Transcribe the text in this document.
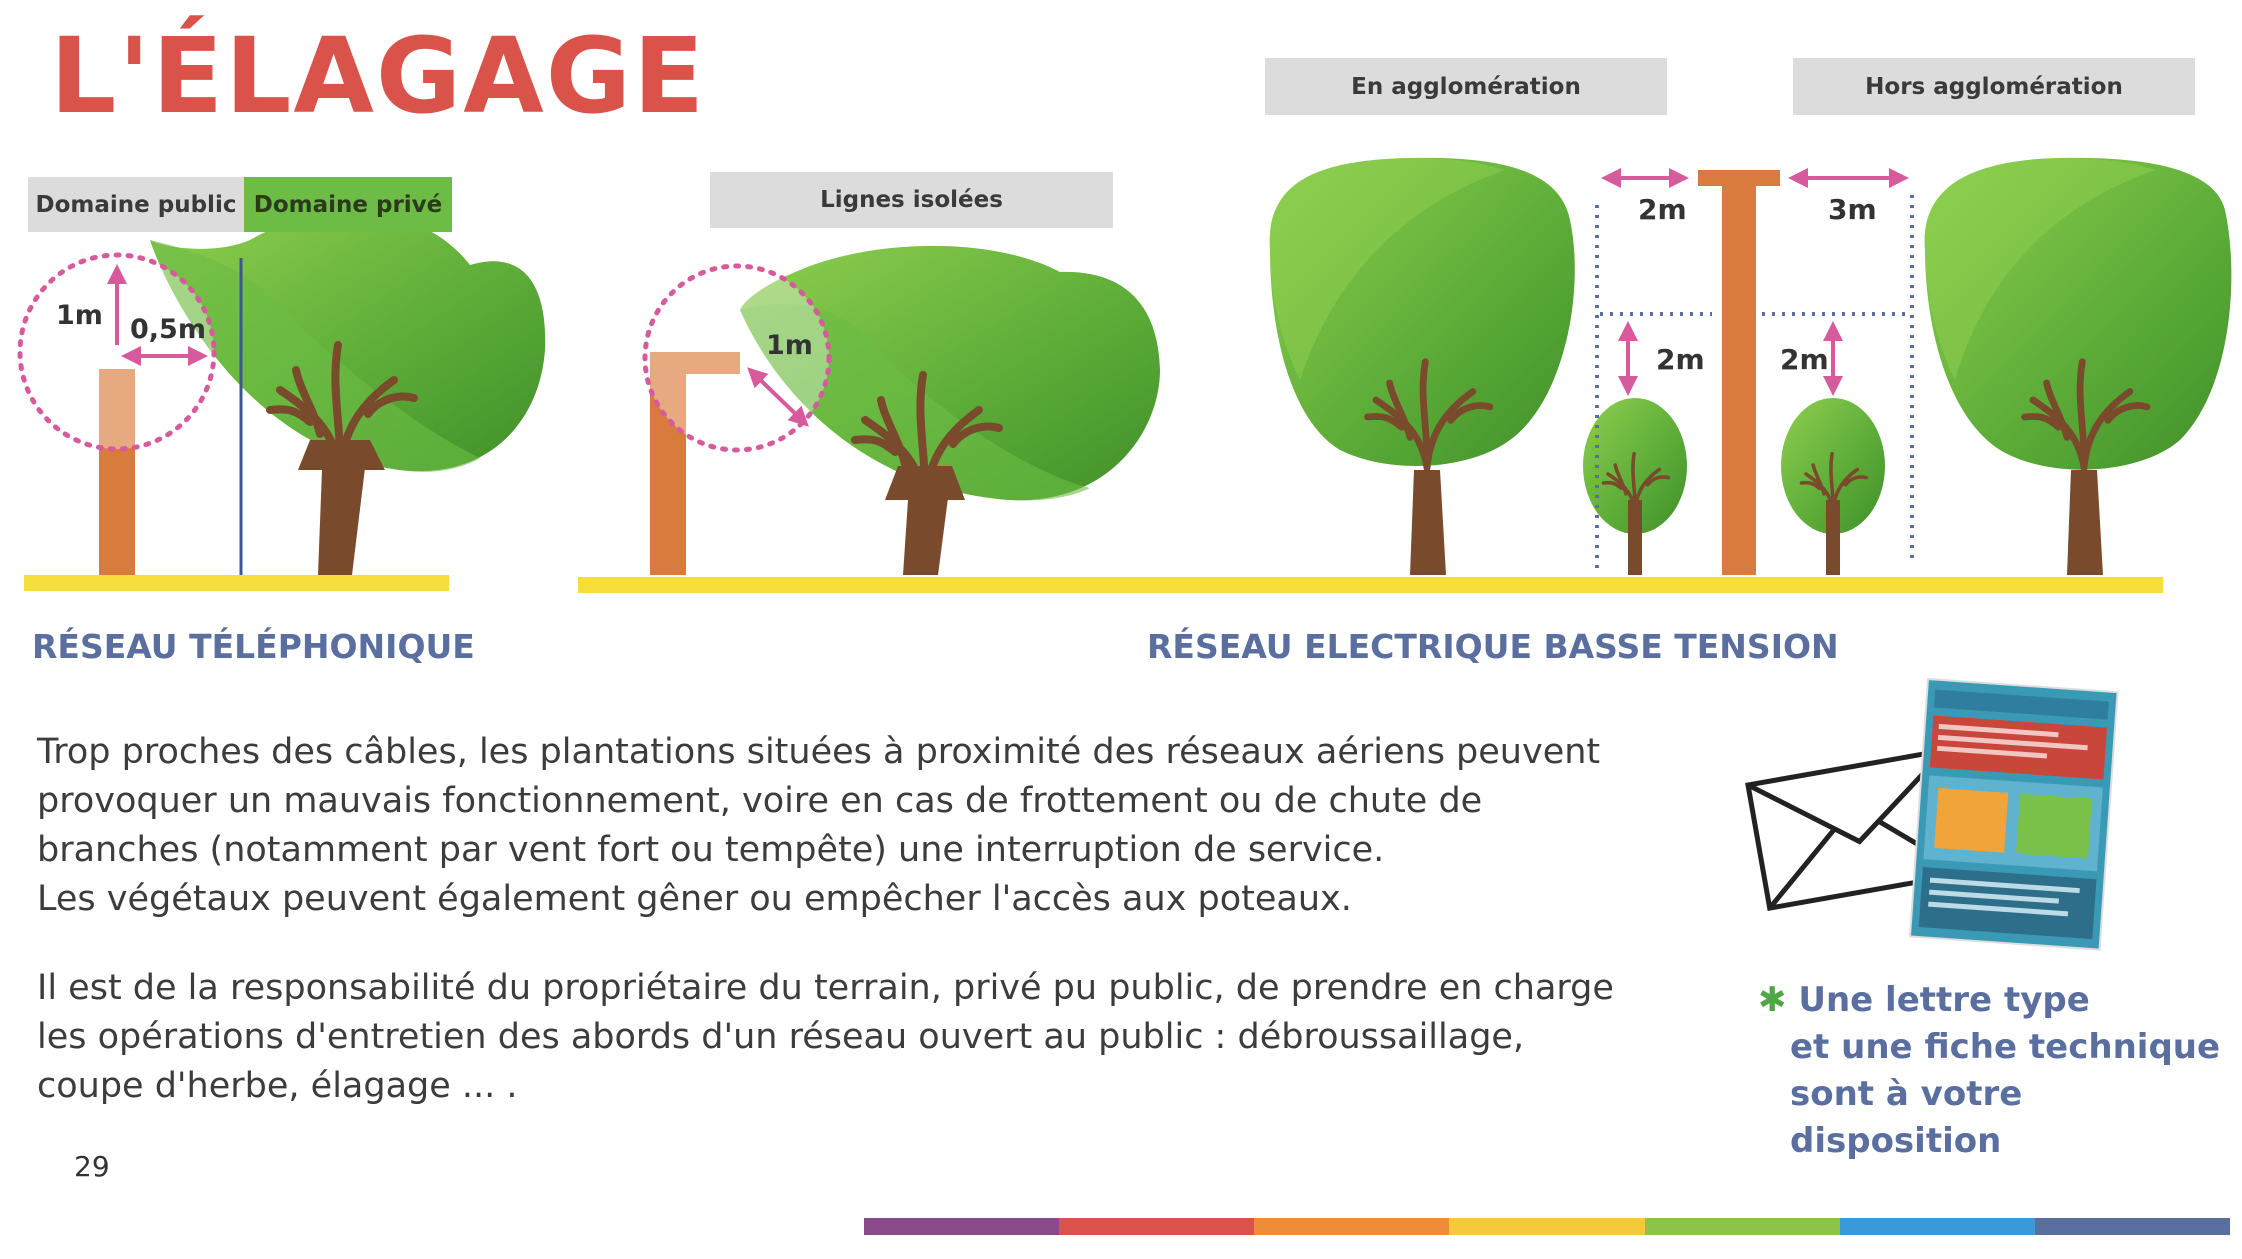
L'ÉLAGAGE
Domaine public Domaine privé
1m 0,5m
Lignes isolées
1m
En agglomération	Hors agglomération
2m	3m
2m	2m
RÉSEAU TÉLÉPHONIQUE	RÉSEAU ELECTRIQUE BASSE TENSION

Trop proches des câbles, les plantations situées à proximité des réseaux aériens peuvent
provoquer un mauvais fonctionnement, voire en cas de frottement ou de chute de
branches (notamment par vent fort ou tempête) une interruption de service.
Les végétaux peuvent également gêner ou empêcher l'accès aux poteaux.

Il est de la responsabilité du propriétaire du terrain, privé pu public, de prendre en charge
les opérations d'entretien des abords d'un réseau ouvert au public : débroussaillage,
coupe d'herbe, élagage ... .

✱ Une lettre type
et une fiche technique
sont à votre disposition
29
